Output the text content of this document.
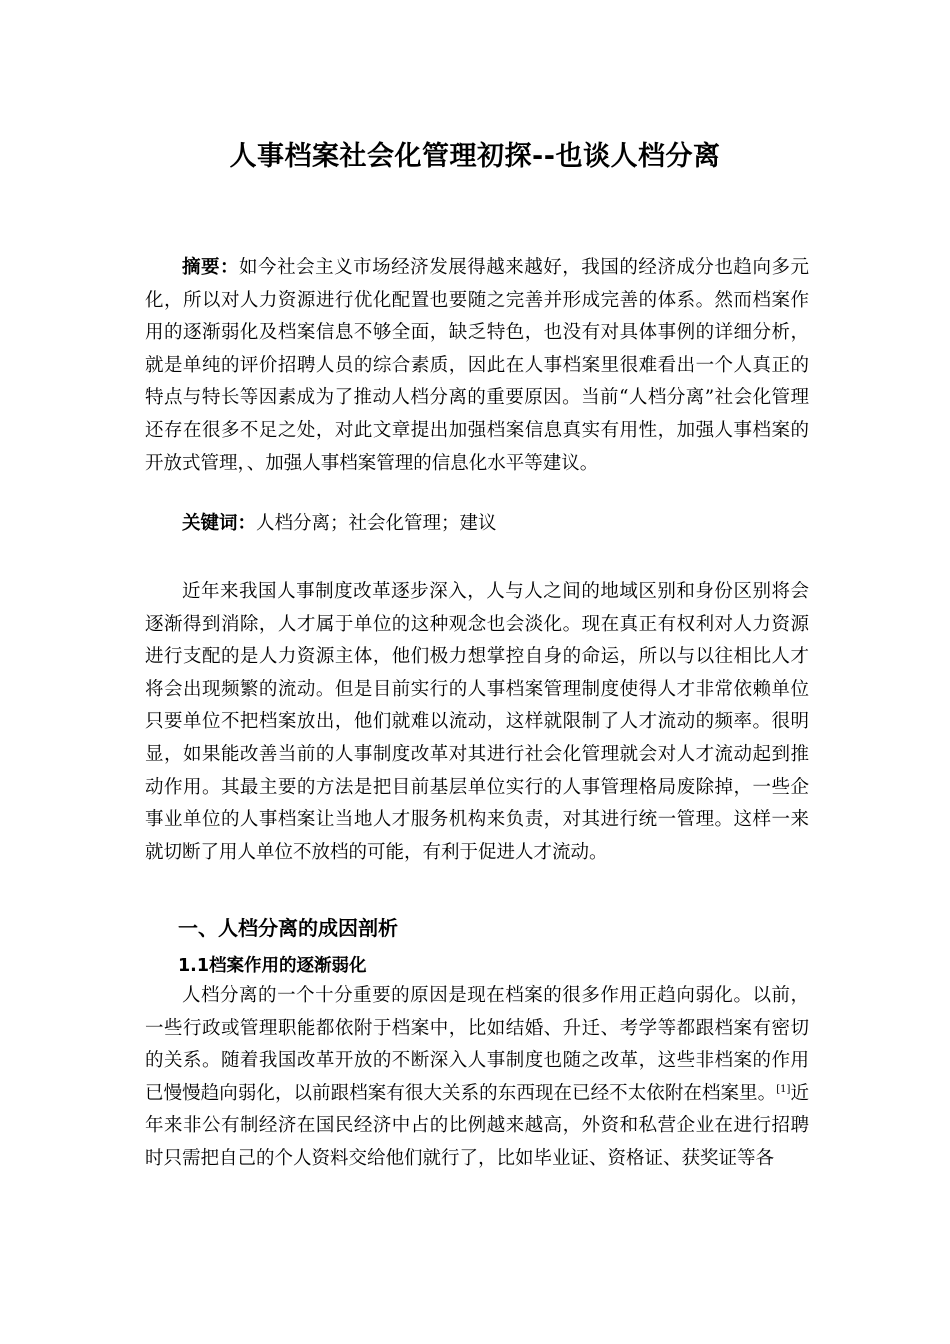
人事档案社会化管理初探--也谈人档分离

摘要：如今社会主义市场经济发展得越来越好，我国的经济成分也趋向多元化，所以对人力资源进行优化配置也要随之完善并形成完善的体系。然而档案作用的逐渐弱化及档案信息不够全面，缺乏特色，也没有对具体事例的详细分析，就是单纯的评价招聘人员的综合素质，因此在人事档案里很难看出一个人真正的特点与特长等因素成为了推动人档分离的重要原因。当前“人档分离”社会化管理还存在很多不足之处，对此文章提出加强档案信息真实有用性，加强人事档案的开放式管理，、加强人事档案管理的信息化水平等建议。

关键词：人档分离；社会化管理；建议

近年来我国人事制度改革逐步深入，人与人之间的地域区别和身份区别将会逐渐得到消除，人才属于单位的这种观念也会淡化。现在真正有权利对人力资源进行支配的是人力资源主体，他们极力想掌控自身的命运，所以与以往相比人才将会出现频繁的流动。但是目前实行的人事档案管理制度使得人才非常依赖单位只要单位不把档案放出，他们就难以流动，这样就限制了人才流动的频率。很明显，如果能改善当前的人事制度改革对其进行社会化管理就会对人才流动起到推动作用。其最主要的方法是把目前基层单位实行的人事管理格局废除掉，一些企事业单位的人事档案让当地人才服务机构来负责，对其进行统一管理。这样一来就切断了用人单位不放档的可能，有利于促进人才流动。

一、人档分离的成因剖析
1.1档案作用的逐渐弱化

人档分离的一个十分重要的原因是现在档案的很多作用正趋向弱化。以前，一些行政或管理职能都依附于档案中，比如结婚、升迁、考学等都跟档案有密切的关系。随着我国改革开放的不断深入人事制度也随之改革，这些非档案的作用已慢慢趋向弱化，以前跟档案有很大关系的东西现在已经不太依附在档案里。[1]近年来非公有制经济在国民经济中占的比例越来越高，外资和私营企业在进行招聘时只需把自己的个人资料交给他们就行了，比如毕业证、资格证、获奖证等各
